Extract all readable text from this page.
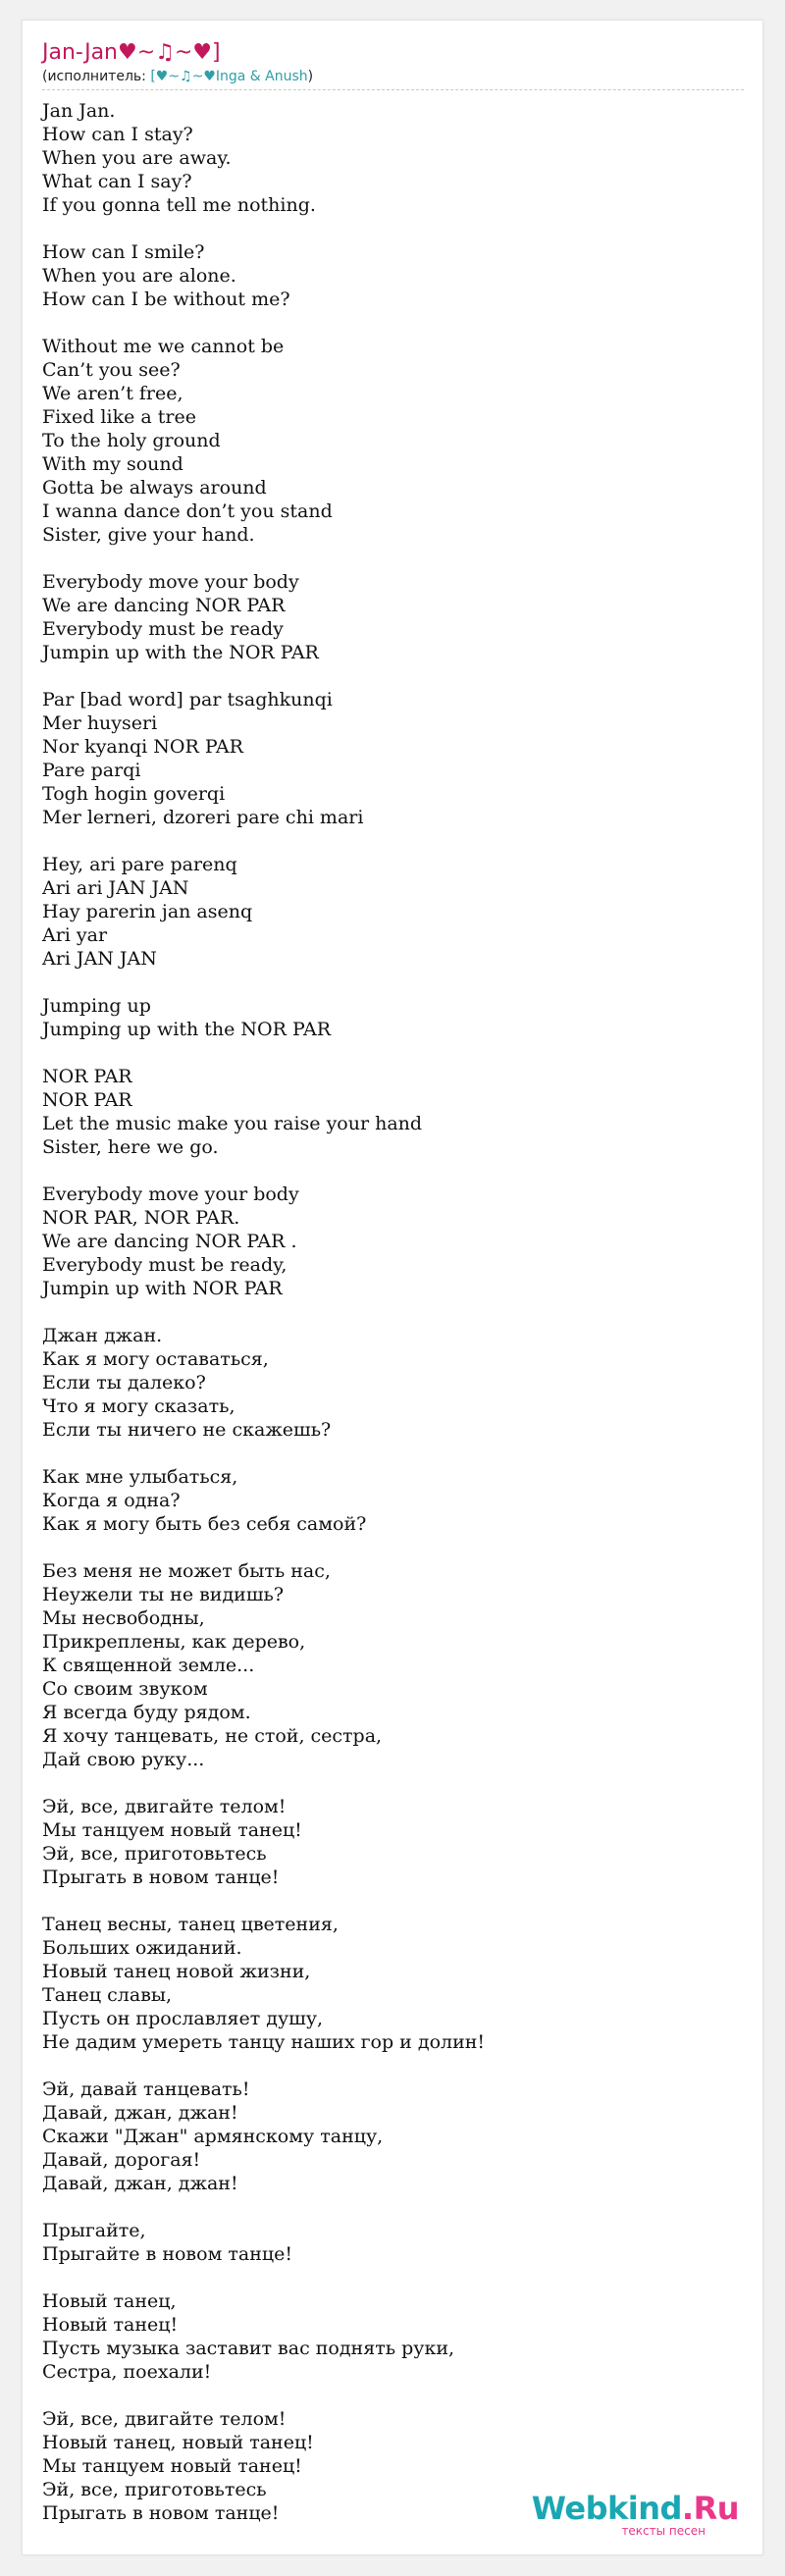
Jan-Jan♥~♫~♥]
(исполнитель: [♥~♫~♥Inga & Anush)
Jan Jan.
How can I stay?
When you are away.
What can I say?
If you gonna tell me nothing.
How can I smile?
When you are alone.
How can I be without me?
Without me we cannot be
Can’t you see?
We aren’t free,
Fixed like a tree
To the holy ground
With my sound
Gotta be always around
I wanna dance don’t you stand
Sister, give your hand.
Everybody move your body
We are dancing NOR PAR
Everybody must be ready
Jumpin up with the NOR PAR
Par [bad word] par tsaghkunqi
Mer huyseri
Nor kyanqi NOR PAR
Pare parqi
Togh hogin goverqi
Mer lerneri, dzoreri pare chi mari
Hey, ari pare parenq
Ari ari JAN JAN
Hay parerin jan asenq
Ari yar
Ari JAN JAN
Jumping up
Jumping up with the NOR PAR
NOR PAR
NOR PAR
Let the music make you raise your hand
Sister, here we go.
Everybody move your body
NOR PAR, NOR PAR.
We are dancing NOR PAR .
Everybody must be ready,
Jumpin up with NOR PAR
Джан джан.
Как я могу оставаться,
Если ты далеко?
Что я могу сказать,
Если ты ничего не скажешь?
Как мне улыбаться,
Когда я одна?
Как я могу быть без себя самой?
Без меня не может быть нас,
Неужели ты не видишь?
Мы несвободны,
Прикреплены, как дерево,
К священной земле...
Со своим звуком
Я всегда буду рядом.
Я хочу танцевать, не стой, сестра,
Дай свою руку...
Эй, все, двигайте телом!
Мы танцуем новый танец!
Эй, все, приготовьтесь
Прыгать в новом танце!
Танец весны, танец цветения,
Больших ожиданий.
Новый танец новой жизни,
Танец славы,
Пусть он прославляет душу,
Не дадим умереть танцу наших гор и долин!
Эй, давай танцевать!
Давай, джан, джан!
Скажи "Джан" армянскому танцу,
Давай, дорогая!
Давай, джан, джан!
Прыгайте,
Прыгайте в новом танце!
Новый танец,
Новый танец!
Пусть музыка заставит вас поднять руки,
Сестра, поехали!
Эй, все, двигайте телом!
Новый танец, новый танец!
Мы танцуем новый танец!
Эй, все, приготовьтесь
Прыгать в новом танце!	Webkind.Ru
тексты песен
